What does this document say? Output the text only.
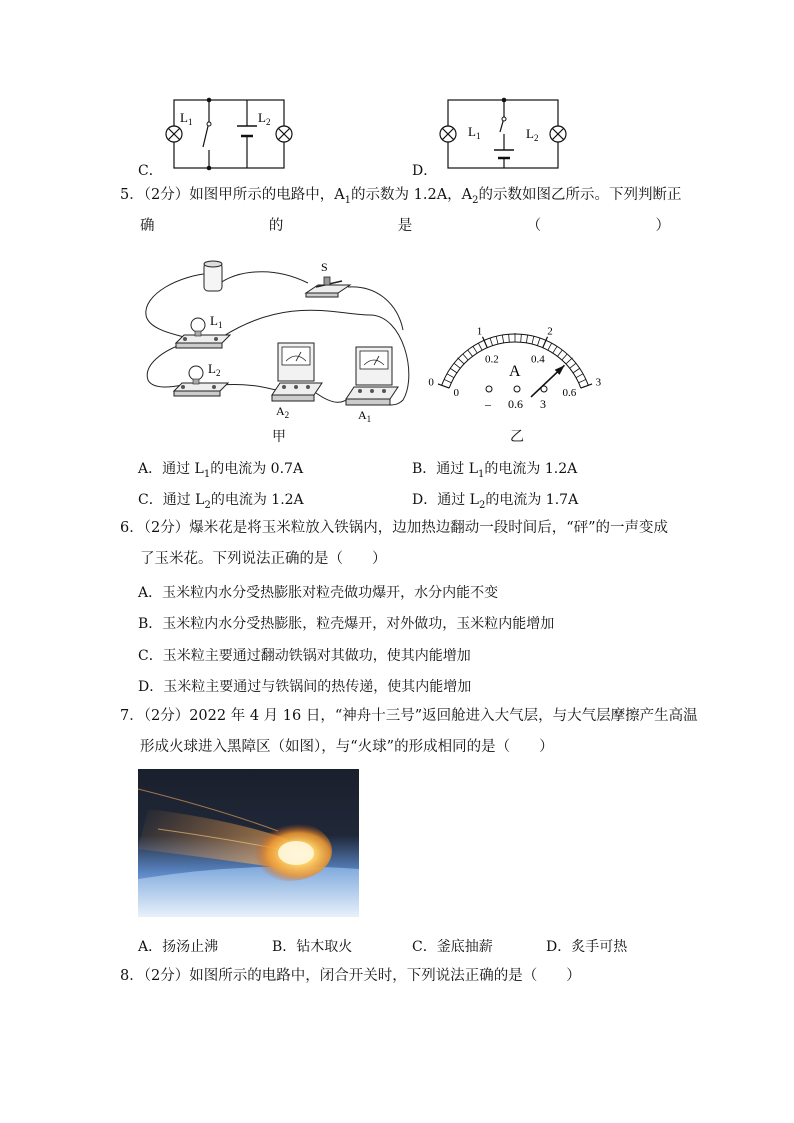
C．
$L_1$	$L_2$
D．
$L_1$	$L_2$
5．（2分）如图甲所示的电路中，$A_1$的示数为 1.2A，$A_2$的示数如图乙所示。下列判断正
确	的	是	（	）
S
$L_1$
$L_2$
$A_2$	$A_1$
甲
0
1	2
3
0
0.2	0.4
0.6
A
– 0.6 3
乙
A．通过 $L_1$的电流为 0.7A	B．通过 $L_1$的电流为 1.2A
C．通过 $L_2$的电流为 1.2A	D．通过 $L_2$的电流为 1.7A
6．（2分）爆米花是将玉米粒放入铁锅内，边加热边翻动一段时间后，“砰”的一声变成
了玉米花。下列说法正确的是（　　）
A．玉米粒内水分受热膨胀对粒壳做功爆开，水分内能不变
B．玉米粒内水分受热膨胀，粒壳爆开，对外做功，玉米粒内能增加
C．玉米粒主要通过翻动铁锅对其做功，使其内能增加
D．玉米粒主要通过与铁锅间的热传递，使其内能增加
7．（2分）2022 年 4 月 16 日，“神舟十三号”返回舱进入大气层，与大气层摩擦产生高温
形成火球进入黑障区（如图），与“火球”的形成相同的是（　　）
A．扬汤止沸	B．钻木取火	C．釜底抽薪	D．炙手可热
8．（2分）如图所示的电路中，闭合开关时，下列说法正确的是（　　）
